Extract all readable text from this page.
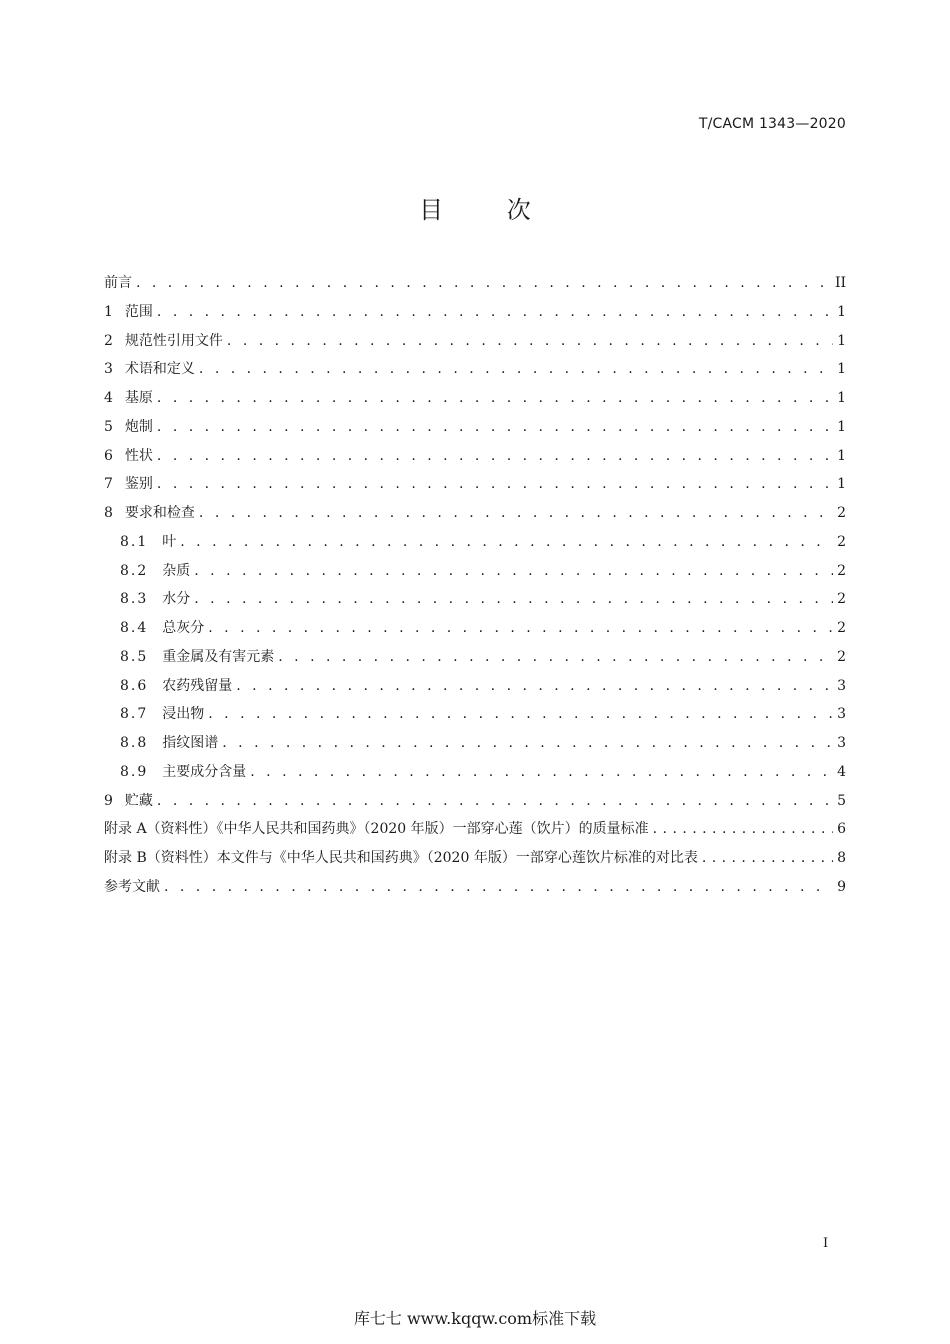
T/CACM 1343—2020
目 次
前言 . . .	II
1 范围 . . .	1
2 规范性引用文件 . . .	1
3 术语和定义 . . .	1
4 基原 . . .	1
5 炮制 . . .	1
6 性状 . . .	1
7 鉴别 . . .	1
8 要求和检查 . . .	2
8.1 叶 . . .	2
8.2 杂质 . . .	2
8.3 水分 . . .	2
8.4 总灰分 . . .	2
8.5 重金属及有害元素 . . .	2
8.6 农药残留量 . . .	3
8.7 浸出物 . . .	3
8.8 指纹图谱 . . .	3
8.9 主要成分含量 . . .	4
9 贮藏 . . .	5
附录 A（资料性）《中华人民共和国药典》（2020 年版）一部穿心莲（饮片）的质量标准 . . .	6
附录 B（资料性）本文件与《中华人民共和国药典》（2020 年版）一部穿心莲饮片标准的对比表 . . .	8
参考文献 . . .	9
I
库七七 www.kqqw.com标准下载
